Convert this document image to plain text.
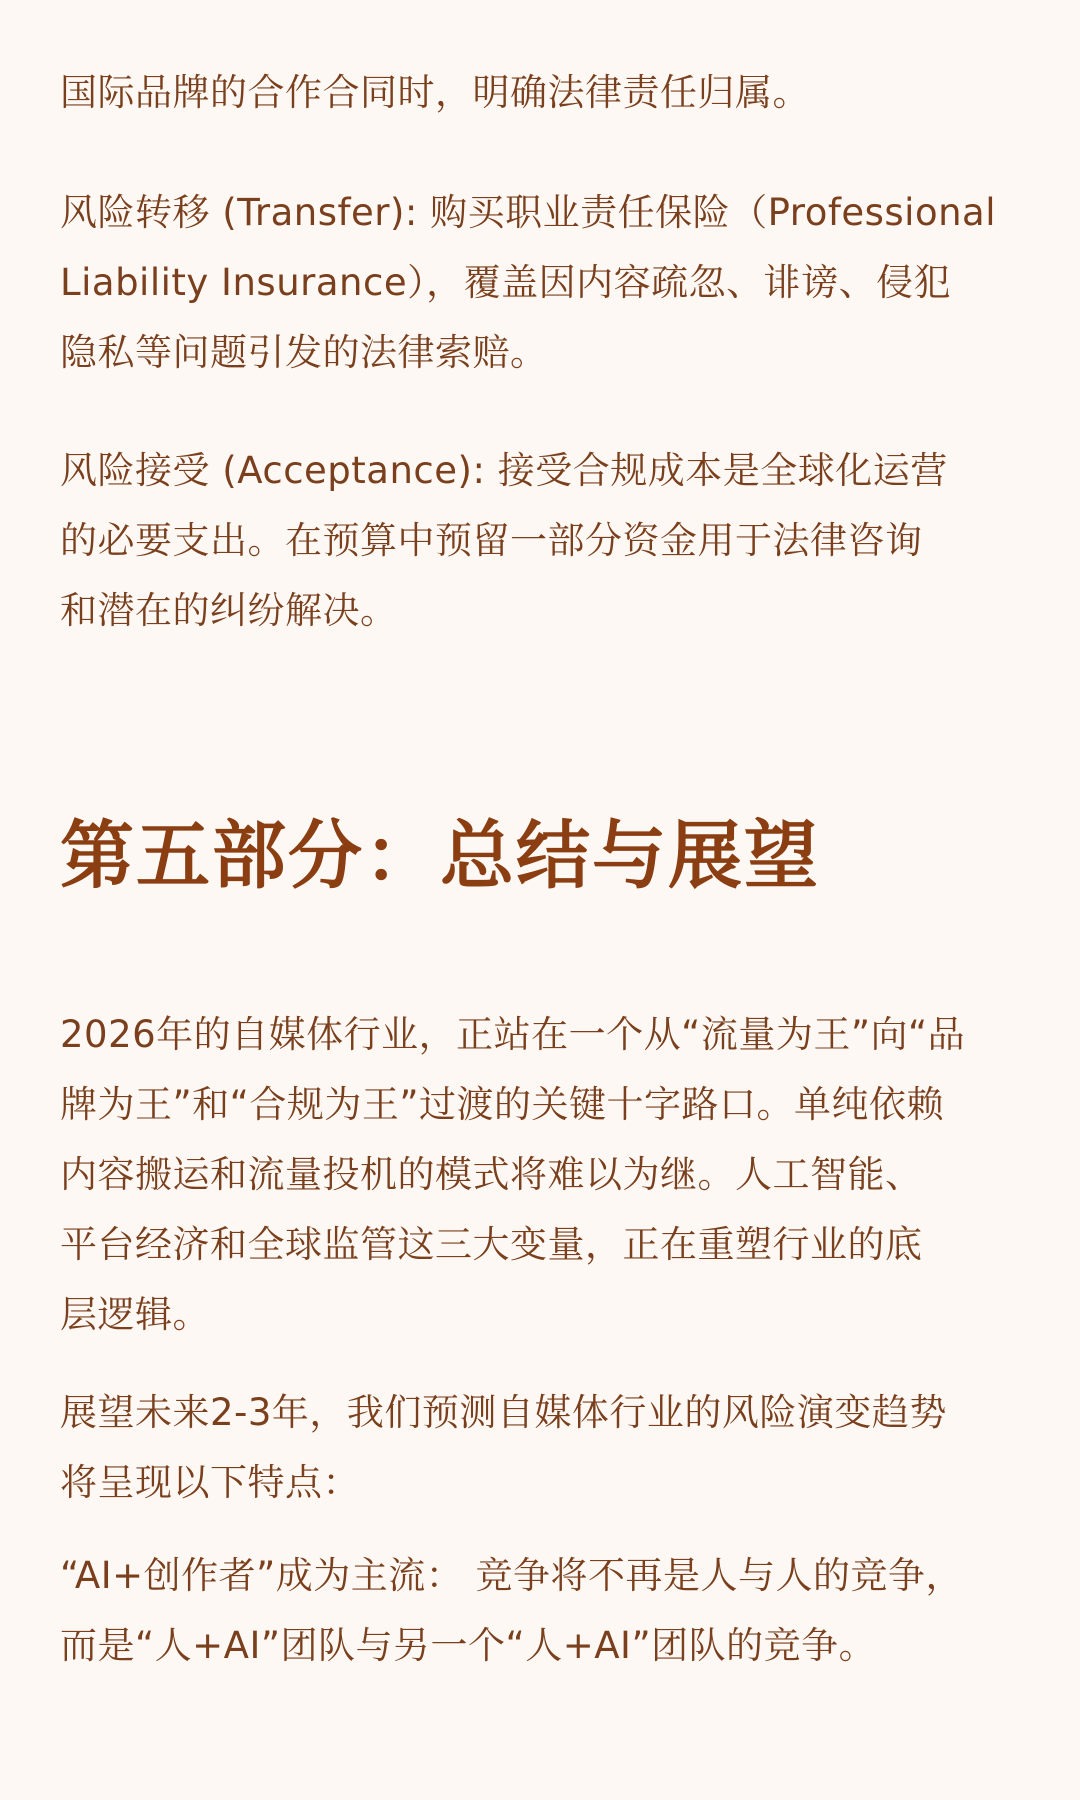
国际品牌的合作合同时，明确法律责任归属。

风险转移 (Transfer): 购买职业责任保险（Professional
Liability Insurance），覆盖因内容疏忽、诽谤、侵犯
隐私等问题引发的法律索赔。

风险接受 (Acceptance): 接受合规成本是全球化运营
的必要支出。在预算中预留一部分资金用于法律咨询
和潜在的纠纷解决。

第五部分：总结与展望

2026年的自媒体行业，正站在一个从“流量为王”向“品
牌为王”和“合规为王”过渡的关键十字路口。单纯依赖
内容搬运和流量投机的模式将难以为继。人工智能、
平台经济和全球监管这三大变量，正在重塑行业的底
层逻辑。

展望未来2-3年，我们预测自媒体行业的风险演变趋势
将呈现以下特点：

“AI+创作者”成为主流： 竞争将不再是人与人的竞争，
而是“人+AI”团队与另一个“人+AI”团队的竞争。
